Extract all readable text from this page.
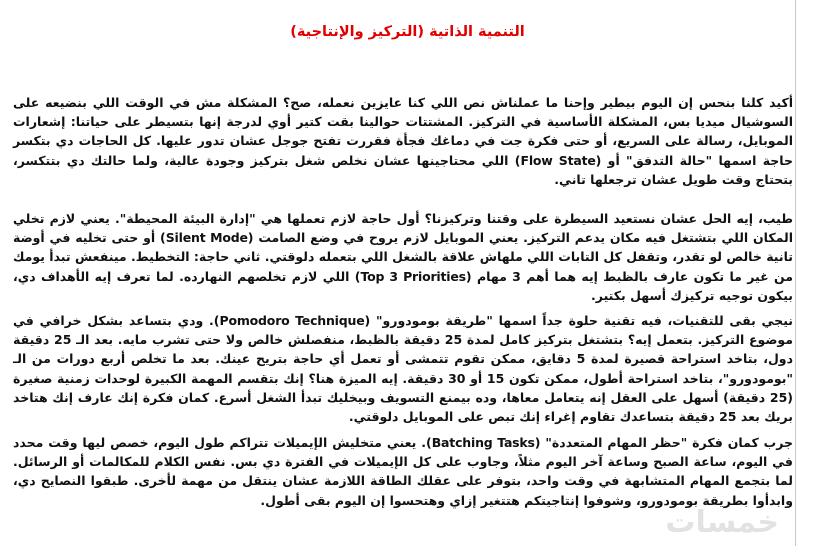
التنمية الذاتية (التركيز والإنتاجية)

أكيد كلنا بنحس إن اليوم بيطير وإحنا ما عملناش نص اللي كنا عايزين نعمله، صح؟ المشكلة مش في الوقت اللي بنضيعه على السوشيال ميديا بس، المشكلة الأساسية في التركيز. المشتتات حوالينا بقت كتير أوي لدرجة إنها بتسيطر على حياتنا: إشعارات الموبايل، رسالة على السريع، أو حتى فكرة جت في دماغك فجأة فقررت تفتح جوجل عشان تدور عليها. كل الحاجات دي بتكسر حاجة اسمها "حالة التدفق" أو (Flow State) اللي محتاجينها عشان نخلص شغل بتركيز وجودة عالية، ولما حالتك دي بتتكسر، بتحتاج وقت طويل عشان ترجعلها تاني.

طيب، إيه الحل عشان نستعيد السيطرة على وقتنا وتركيزنا؟ أول حاجة لازم تعملها هي "إدارة البيئة المحيطة". يعني لازم تخلي المكان اللي بتشتغل فيه مكان يدعم التركيز. يعني الموبايل لازم يروح في وضع الصامت (Silent Mode) أو حتى تخليه في أوضة تانية خالص لو تقدر، وتقفل كل التابات اللي ملهاش علاقة بالشغل اللي بتعمله دلوقتي. ثاني حاجة: التخطيط. مينفعش تبدأ يومك من غير ما تكون عارف بالظبط إيه هما أهم 3 مهام (Top 3 Priorities) اللي لازم تخلصهم النهارده. لما تعرف إيه الأهداف دي، بيكون توجيه تركيزك أسهل بكتير.

نيجي بقى للتقنيات، فيه تقنية حلوة جداً اسمها "طريقة بومودورو" (Pomodoro Technique). ودي بتساعد بشكل خرافي في موضوع التركيز. بتعمل إيه؟ بتشتغل بتركيز كامل لمدة 25 دقيقة بالظبط، منفصلش خالص ولا حتى تشرب مايه. بعد الـ 25 دقيقة دول، بتاخد استراحة قصيرة لمدة 5 دقايق، ممكن تقوم تتمشى أو تعمل أي حاجة بتريح عينك. بعد ما تخلص أربع دورات من الـ "بومودورو"، بتاخد استراحة أطول، ممكن تكون 15 أو 30 دقيقة. إيه الميزة هنا؟ إنك بتقسم المهمة الكبيرة لوحدات زمنية صغيرة (25 دقيقة) أسهل على العقل إنه يتعامل معاها، وده بيمنع التسويف وبيخليك تبدأ الشغل أسرع. كمان فكرة إنك عارف إنك هتاخد بريك بعد 25 دقيقة بتساعدك تقاوم إغراء إنك تبص على الموبايل دلوقتي.

جرب كمان فكرة "حظر المهام المتعددة" (Batching Tasks). يعني متخليش الإيميلات تتراكم طول اليوم، خصص ليها وقت محدد في اليوم، ساعة الصبح وساعة آخر اليوم مثلاً، وجاوب على كل الإيميلات في الفترة دي بس. نفس الكلام للمكالمات أو الرسائل. لما بتجمع المهام المتشابهة في وقت واحد، بتوفر على عقلك الطاقة اللازمة عشان ينتقل من مهمة لأخرى. طبقوا النصايح دي، وابدأوا بطريقة بومودورو، وشوفوا إنتاجيتكم هتتغير إزاي وهتحسوا إن اليوم بقى أطول.

خمسات
